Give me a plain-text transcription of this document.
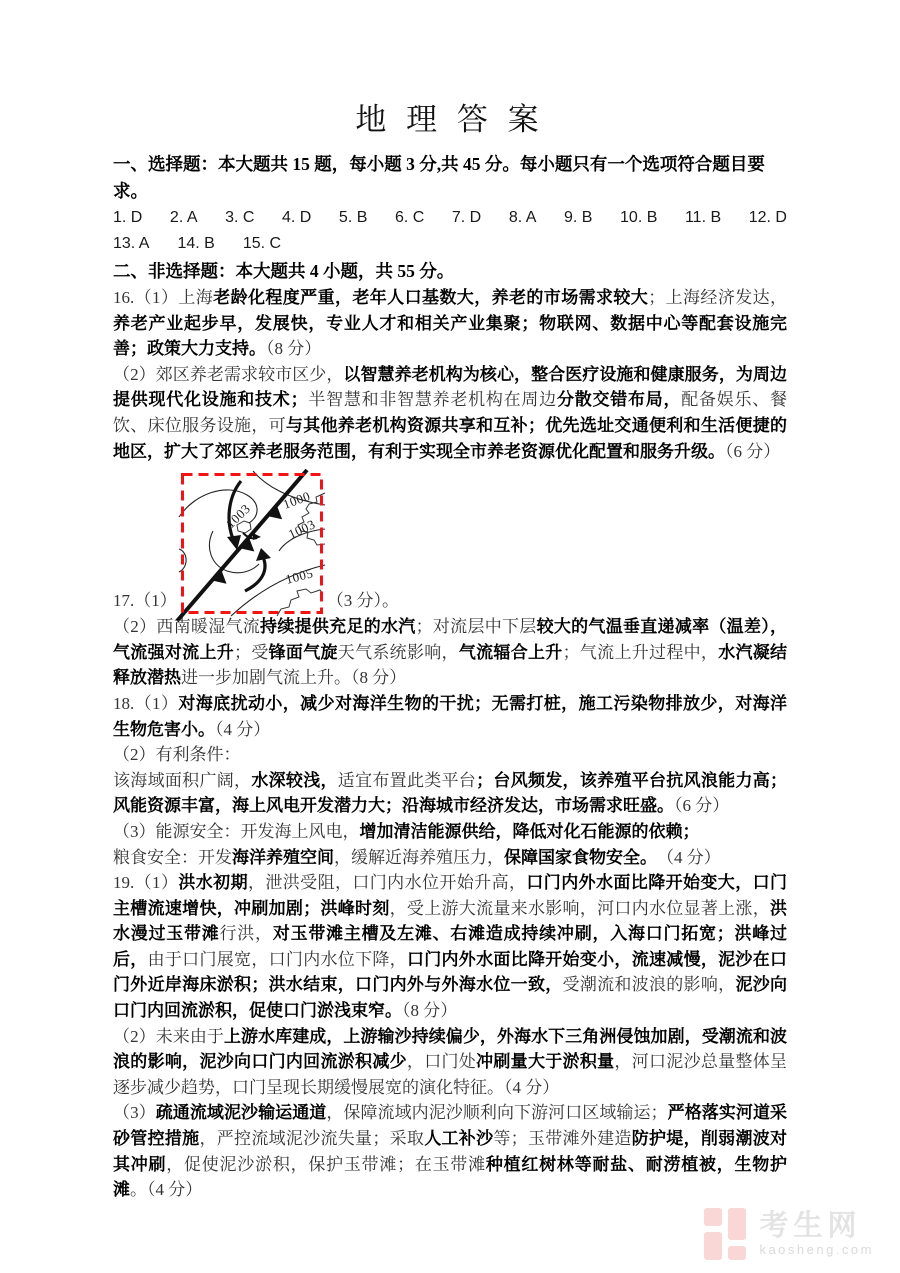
地 理 答 案

一、选择题：本大题共 15 题，每小题 3 分,共 45 分。每小题只有一个选项符合题目要求。

1. D 2. A 3. C 4. D 5. B 6. C 7. D 8. A 9. B 10. B 11. B 12. D
13. A 14. B 15. C

二、非选择题：本大题共 4 小题，共 55 分。

16.（1）上海老龄化程度严重，老年人口基数大，养老的市场需求较大；上海经济发达，养老产业起步早，发展快，专业人才和相关产业集聚；物联网、数据中心等配套设施完善；政策大力支持。（8 分）

（2）郊区养老需求较市区少，以智慧养老机构为核心，整合医疗设施和健康服务，为周边提供现代化设施和技术；半智慧和非智慧养老机构在周边分散交错布局，配备娱乐、餐饮、床位服务设施，可与其他养老机构资源共享和互补；优先选址交通便利和生活便捷的地区，扩大了郊区养老服务范围，有利于实现全市养老资源优化配置和服务升级。（6 分）

17.（1）
1003
1000
1003
1005
（3 分）。

（2）西南暖湿气流持续提供充足的水汽；对流层中下层较大的气温垂直递减率（温差），气流强对流上升；受锋面气旋天气系统影响，气流辐合上升；气流上升过程中，水汽凝结释放潜热进一步加剧气流上升。（8 分）

18.（1）对海底扰动小，减少对海洋生物的干扰；无需打桩，施工污染物排放少，对海洋生物危害小。（4 分）

（2）有利条件：

该海域面积广阔，水深较浅，适宜布置此类平台；台风频发，该养殖平台抗风浪能力高；风能资源丰富，海上风电开发潜力大；沿海城市经济发达，市场需求旺盛。（6 分）

（3）能源安全：开发海上风电，增加清洁能源供给，降低对化石能源的依赖；

粮食安全：开发海洋养殖空间，缓解近海养殖压力，保障国家食物安全。　（4 分）

19.（1）洪水初期，泄洪受阻，口门内水位开始升高，口门内外水面比降开始变大，口门主槽流速增快，冲刷加剧；洪峰时刻，受上游大流量来水影响，河口内水位显著上涨，洪水漫过玉带滩行洪，对玉带滩主槽及左滩、右滩造成持续冲刷，入海口门拓宽；洪峰过后，由于口门展宽，口门内水位下降，口门内外水面比降开始变小，流速减慢，泥沙在口门外近岸海床淤积；洪水结束，口门内外与外海水位一致，受潮流和波浪的影响，泥沙向口门内回流淤积，促使口门淤浅束窄。（8 分）

（2）未来由于上游水库建成，上游输沙持续偏少，外海水下三角洲侵蚀加剧，受潮流和波浪的影响，泥沙向口门内回流淤积减少，口门处冲刷量大于淤积量，河口泥沙总量整体呈逐步减少趋势，口门呈现长期缓慢展宽的演化特征。（4 分）

（3）疏通流域泥沙输运通道，保障流域内泥沙顺利向下游河口区域输运；严格落实河道采砂管控措施，严控流域泥沙流失量；采取人工补沙等；玉带滩外建造防护堤，削弱潮波对其冲刷，促使泥沙淤积，保护玉带滩；在玉带滩种植红树林等耐盐、耐涝植被，生物护滩。（4 分）

考生网
kaosheng.com
